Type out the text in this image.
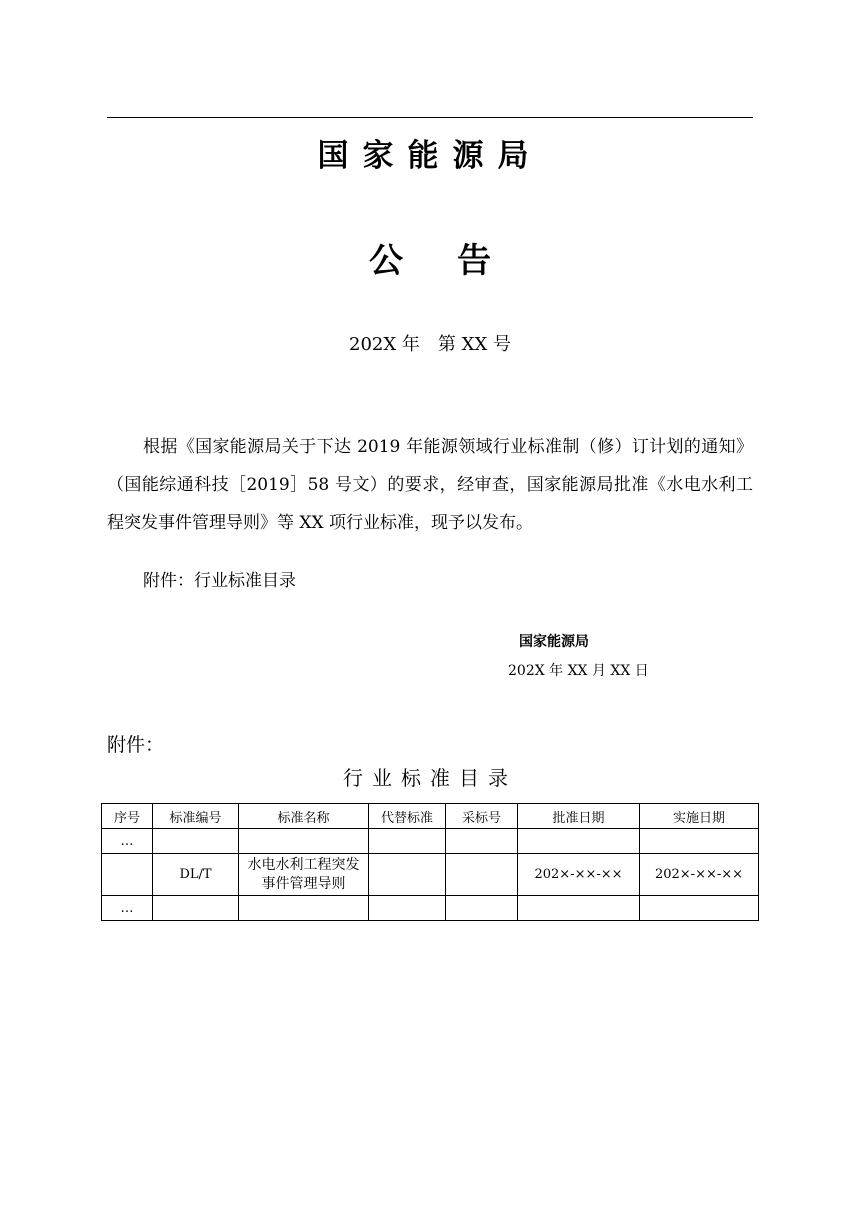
国家能源局
公告
202X 年　第 XX 号
根据《国家能源局关于下达 2019 年能源领域行业标准制（修）订计划的通知》（国能综通科技［2019］58 号文）的要求，经审查，国家能源局批准《水电水利工程突发事件管理导则》等 XX 项行业标准，现予以发布。
附件：行业标准目录
国家能源局
202X 年 XX 月 XX 日
附件：
行业标准目录
序号	标准编号	标准名称	代替标准	采标号	批准日期	实施日期
…						
	DL/T	水电水利工程突发事件管理导则			202×-××-××	202×-××-××
…						
